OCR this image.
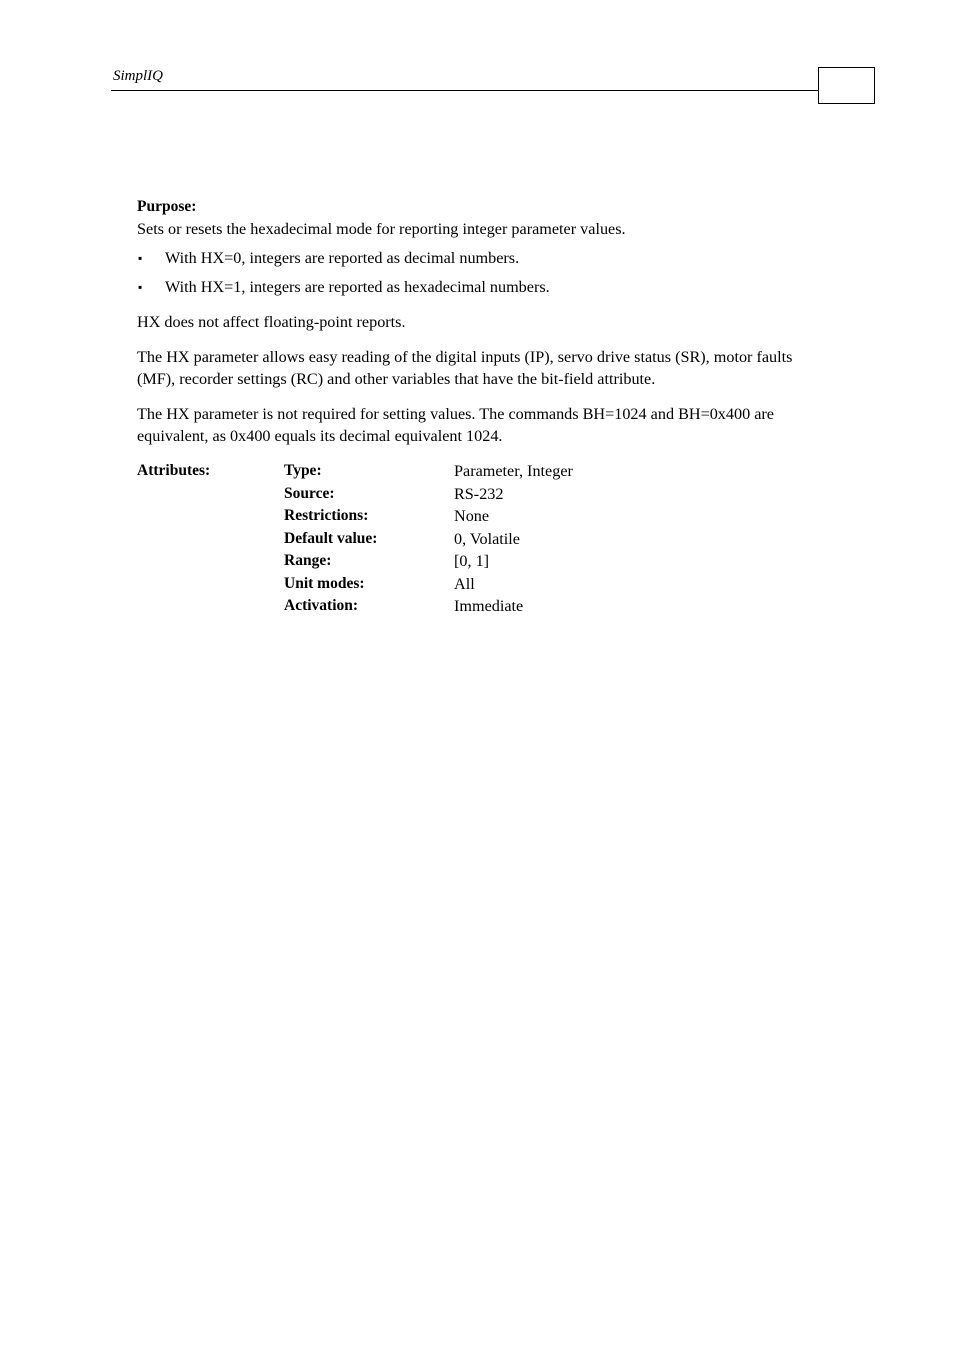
SimplIQ
Purpose:

Sets or resets the hexadecimal mode for reporting integer parameter values.

▪ With HX=0, integers are reported as decimal numbers.
▪ With HX=1, integers are reported as hexadecimal numbers.

HX does not affect floating-point reports.

The HX parameter allows easy reading of the digital inputs (IP), servo drive status (SR), motor faults (MF), recorder settings (RC) and other variables that have the bit-field attribute.

The HX parameter is not required for setting values. The commands BH=1024 and BH=0x400 are equivalent, as 0x400 equals its decimal equivalent 1024.

Attributes:	Type:	Parameter, Integer
	Source:	RS-232
	Restrictions:	None
	Default value:	0, Volatile
	Range:	[0, 1]
	Unit modes:	All
	Activation:	Immediate
